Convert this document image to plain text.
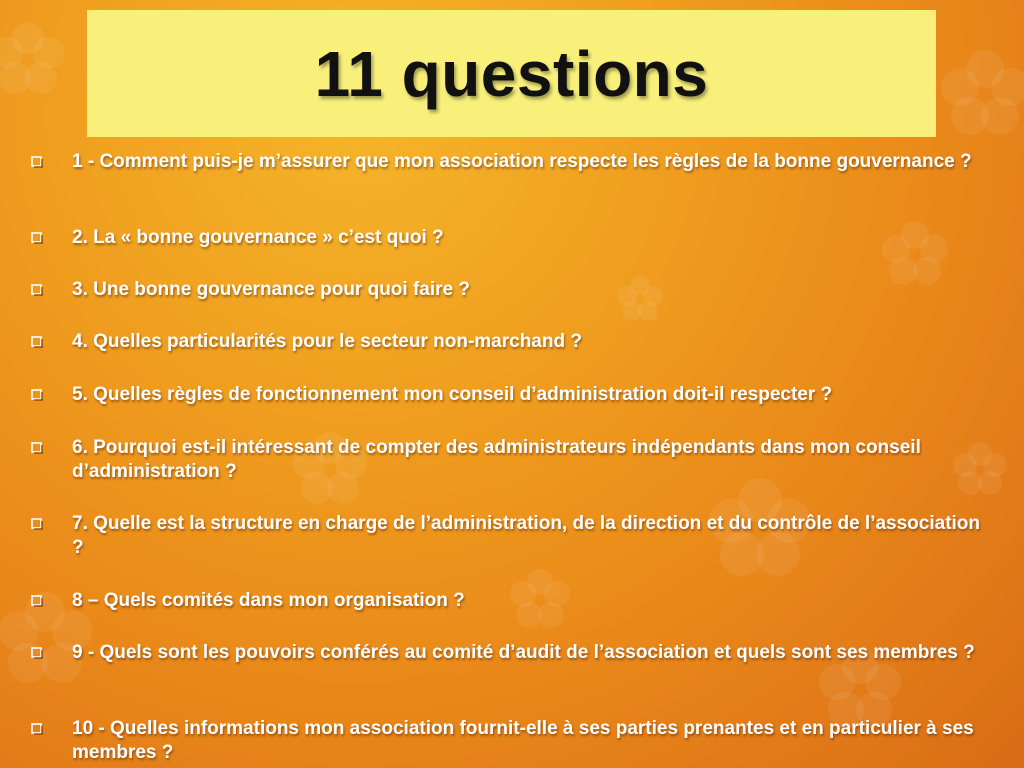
11 questions
1 - Comment puis-je m’assurer que mon association respecte les règles de la bonne gouvernance ?
2. La « bonne gouvernance » c’est quoi ?
3. Une bonne gouvernance pour quoi faire ?
4. Quelles particularités pour le secteur non-marchand ?
5. Quelles règles de fonctionnement mon conseil d’administration doit-il respecter ?
6. Pourquoi est-il intéressant de compter des administrateurs indépendants dans mon conseil d’administration ?
7. Quelle est la structure en charge de l’administration, de la direction et du contrôle de l’association ?
8 – Quels comités dans mon organisation ?
9 - Quels sont les pouvoirs conférés au comité d’audit de l’association et quels sont ses membres ?
10 - Quelles informations mon association fournit-elle à ses parties prenantes et en particulier à ses membres ?
